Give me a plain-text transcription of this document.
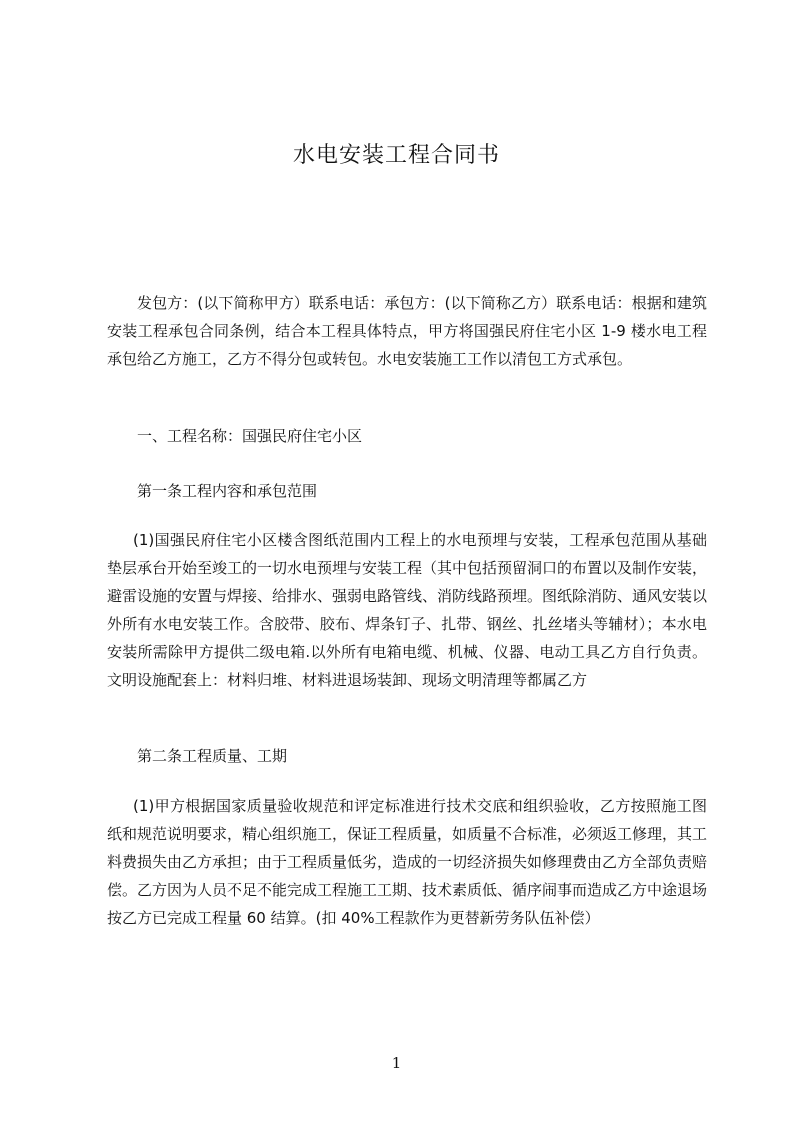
水电安装工程合同书

发包方：(以下简称甲方）联系电话：承包方：(以下简称乙方）联系电话：根据和建筑安装工程承包合同条例，结合本工程具体特点，甲方将国强民府住宅小区 1-9 楼水电工程承包给乙方施工，乙方不得分包或转包。水电安装施工工作以清包工方式承包。

一、工程名称：国强民府住宅小区

第一条工程内容和承包范围

(1)国强民府住宅小区楼含图纸范围内工程上的水电预埋与安装，工程承包范围从基础垫层承台开始至竣工的一切水电预埋与安装工程（其中包括预留洞口的布置以及制作安装，避雷设施的安置与焊接、给排水、强弱电路管线、消防线路预埋。图纸除消防、通风安装以外所有水电安装工作。含胶带、胶布、焊条钉子、扎带、钢丝、扎丝堵头等辅材）；本水电安装所需除甲方提供二级电箱.以外所有电箱电缆、机械、仪器、电动工具乙方自行负责。文明设施配套上：材料归堆、材料进退场装卸、现场文明清理等都属乙方

第二条工程质量、工期

(1)甲方根据国家质量验收规范和评定标准进行技术交底和组织验收，乙方按照施工图纸和规范说明要求，精心组织施工，保证工程质量，如质量不合标准，必须返工修理，其工料费损失由乙方承担；由于工程质量低劣，造成的一切经济损失如修理费由乙方全部负责赔偿。乙方因为人员不足不能完成工程施工工期、技术素质低、循序闹事而造成乙方中途退场按乙方已完成工程量 60 结算。(扣 40%工程款作为更替新劳务队伍补偿）

1
